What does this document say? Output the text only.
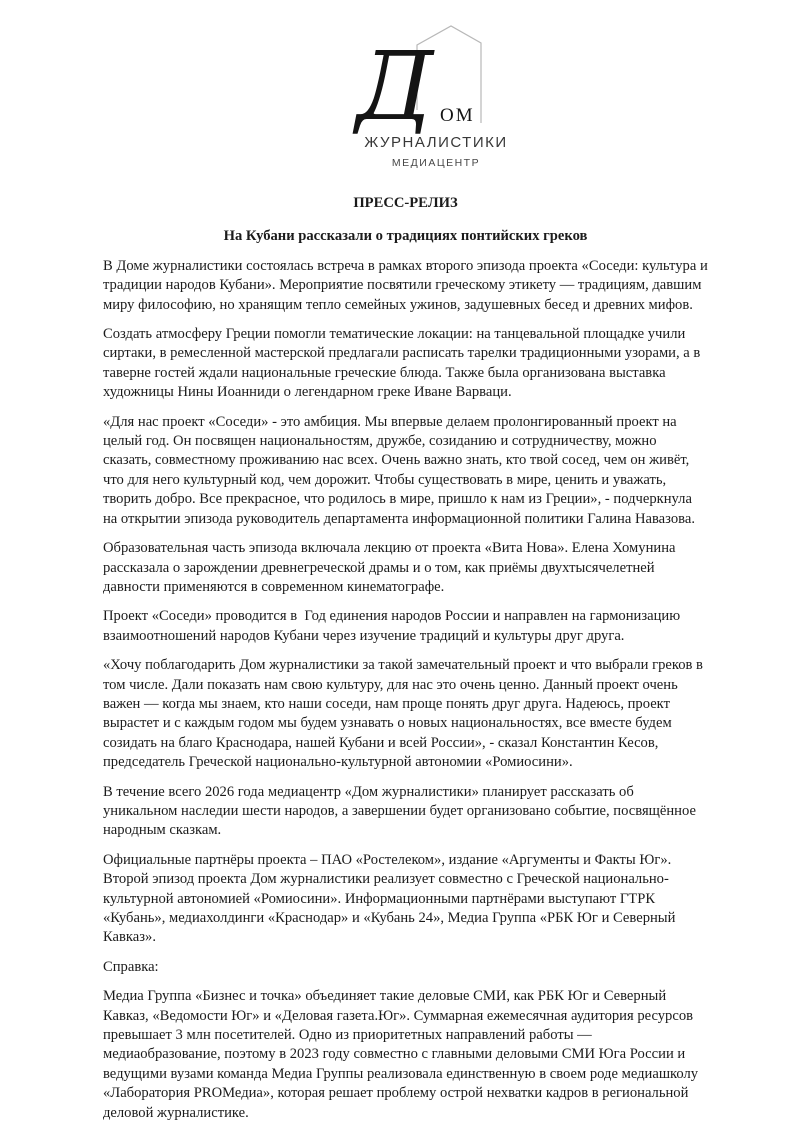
Д ОМ
ЖУРНАЛИСТИКИ
МЕДИАЦЕНТР
ПРЕСС-РЕЛИЗ
На Кубани рассказали о традициях понтийских греков

В Доме журналистики состоялась встреча в рамках второго эпизода проекта «Соседи: культура и традиции народов Кубани». Мероприятие посвятили греческому этикету — традициям, давшим миру философию, но хранящим тепло семейных ужинов, задушевных бесед и древних мифов.

Создать атмосферу Греции помогли тематические локации: на танцевальной площадке учили сиртаки, в ремесленной мастерской предлагали расписать тарелки традиционными узорами, а в таверне гостей ждали национальные греческие блюда. Также была организована выставка художницы Нины Иоанниди о легендарном греке Иване Варваци.

«Для нас проект «Соседи» - это амбиция. Мы впервые делаем пролонгированный проект на целый год. Он посвящен национальностям, дружбе, созиданию и сотрудничеству, можно сказать, совместному проживанию нас всех. Очень важно знать, кто твой сосед, чем он живёт, что для него культурный код, чем дорожит. Чтобы существовать в мире, ценить и уважать, творить добро. Все прекрасное, что родилось в мире, пришло к нам из Греции», - подчеркнула на открытии эпизода руководитель департамента информационной политики Галина Навазова.

Образовательная часть эпизода включала лекцию от проекта «Вита Нова». Елена Хомунина рассказала о зарождении древнегреческой драмы и о том, как приёмы двухтысячелетней давности применяются в современном кинематографе.

Проект «Соседи» проводится в  Год единения народов России и направлен на гармонизацию взаимоотношений народов Кубани через изучение традиций и культуры друг друга.

«Хочу поблагодарить Дом журналистики за такой замечательный проект и что выбрали греков в том числе. Дали показать нам свою культуру, для нас это очень ценно. Данный проект очень важен — когда мы знаем, кто наши соседи, нам проще понять друг друга. Надеюсь, проект вырастет и с каждым годом мы будем узнавать о новых национальностях, все вместе будем созидать на благо Краснодара, нашей Кубани и всей России», - сказал Константин Кесов, председатель Греческой национально-культурной автономии «Ромиосини».

В течение всего 2026 года медиацентр «Дом журналистики» планирует рассказать об уникальном наследии шести народов, а завершении будет организовано событие, посвящённое народным сказкам.

Официальные партнёры проекта – ПАО «Ростелеком», издание «Аргументы и Факты Юг». Второй эпизод проекта Дом журналистики реализует совместно с Греческой национально-культурной автономией «Ромиосини». Информационными партнёрами выступают ГТРК «Кубань», медиахолдинги «Краснодар» и «Кубань 24», Медиа Группа «РБК Юг и Северный Кавказ».

Справка:

Медиа Группа «Бизнес и точка» объединяет такие деловые СМИ, как РБК Юг и Северный Кавказ, «Ведомости Юг» и «Деловая газета.Юг». Суммарная ежемесячная аудитория ресурсов превышает 3 млн посетителей. Одно из приоритетных направлений работы — медиаобразование, поэтому в 2023 году совместно с главными деловыми СМИ Юга России и ведущими вузами команда Медиа Группы реализовала единственную в своем роде медиашколу «Лаборатория PROМедиа», которая решает проблему острой нехватки кадров в региональной деловой журналистике.
